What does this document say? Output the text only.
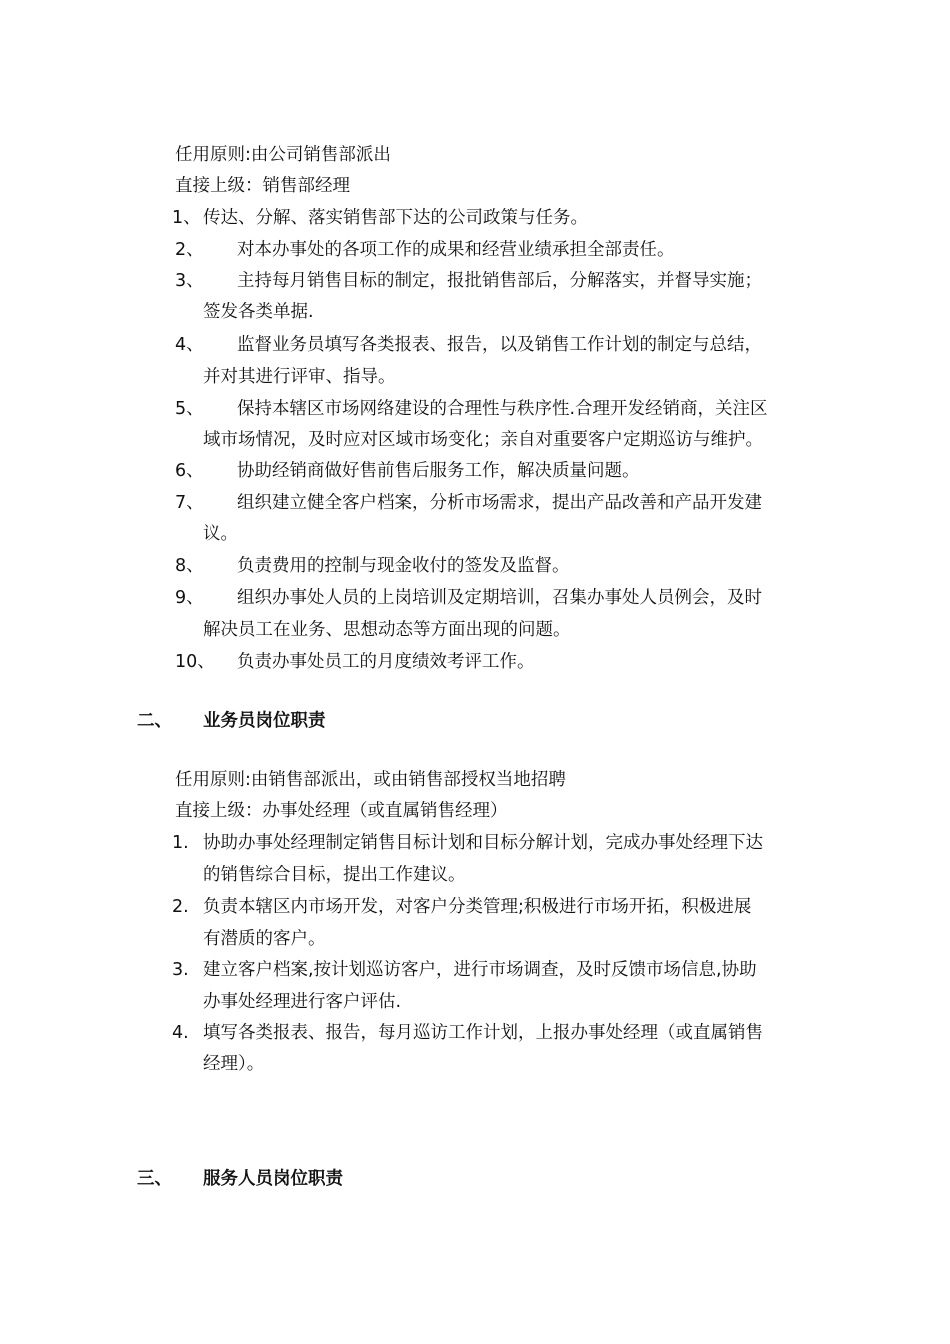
任用原则:由公司销售部派出
直接上级：销售部经理
1、 传达、分解、落实销售部下达的公司政策与任务。
2、 对本办事处的各项工作的成果和经营业绩承担全部责任。
3、 主持每月销售目标的制定，报批销售部后，分解落实，并督导实施；
签发各类单据.
4、 监督业务员填写各类报表、报告，以及销售工作计划的制定与总结，
并对其进行评审、指导。
5、 保持本辖区市场网络建设的合理性与秩序性.合理开发经销商，关注区
域市场情况，及时应对区域市场变化；亲自对重要客户定期巡访与维护。
6、 协助经销商做好售前售后服务工作，解决质量问题。
7、 组织建立健全客户档案，分析市场需求，提出产品改善和产品开发建
议。
8、 负责费用的控制与现金收付的签发及监督。
9、 组织办事处人员的上岗培训及定期培训，召集办事处人员例会，及时
解决员工在业务、思想动态等方面出现的问题。
10、 负责办事处员工的月度绩效考评工作。
二、 业务员岗位职责
任用原则:由销售部派出，或由销售部授权当地招聘
直接上级：办事处经理（或直属销售经理）
1. 协助办事处经理制定销售目标计划和目标分解计划，完成办事处经理下达
的销售综合目标，提出工作建议。
2. 负责本辖区内市场开发，对客户分类管理;积极进行市场开拓，积极进展
有潜质的客户。
3. 建立客户档案,按计划巡访客户，进行市场调查，及时反馈市场信息,协助
办事处经理进行客户评估.
4. 填写各类报表、报告，每月巡访工作计划，上报办事处经理（或直属销售
经理）。
三、 服务人员岗位职责
